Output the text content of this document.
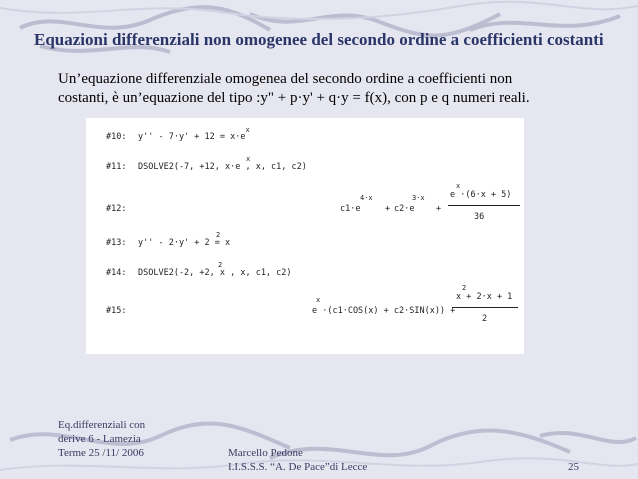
Equazioni differenziali non omogenee del secondo ordine a coefficienti costanti
Un’equazione differenziale omogenea del secondo ordine a coefficienti non
costanti, è un’equazione del tipo :y" + p·y' + q·y = f(x), con p e q numeri reali.
#10: $y'' - 7\cdot y' + 12 = x\cdot e^x$
#11: DSOLVE2(-7, +12, x·e , x, c1, c2)
x
#12:
4·x
c1·e	+
3·x
c2·e	+
x
e ·(6·x + 5)
36
#13: y'' - 2·y' + 2 = x
2
#14: DSOLVE2(-2, +2, x , x, c1, c2)
2
#15:
x
e ·(c1·COS(x) + c2·SIN(x)) +
2
x + 2·x + 1
2
Eq.differenziali con
derive 6 - Lamezia
Terme 25 /11/ 2006	Marcello Pedone
I.I.S.S.S. “A. De Pace”di Lecce	25
